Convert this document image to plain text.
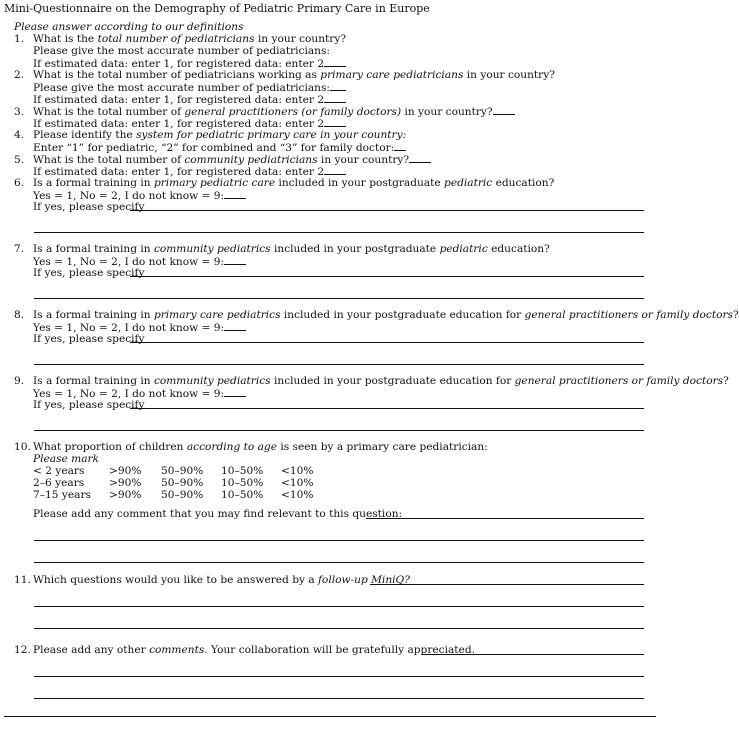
Mini-Questionnaire on the Demography of Pediatric Primary Care in Europe
Please answer according to our definitions
1. What is the total number of pediatricians in your country?
Please give the most accurate number of pediatricians:
If estimated data: enter 1, for registered data: enter 2
2. What is the total number of pediatricians working as primary care pediatricians in your country?
Please give the most accurate number of pediatricians:
If estimated data: enter 1, for registered data: enter 2
3. What is the total number of general practitioners (or family doctors) in your country?
If estimated data: enter 1, for registered data: enter 2
4. Please identify the system for pediatric primary care in your country:
Enter “1” for pediatric, “2” for combined and “3” for family doctor:
5. What is the total number of community pediatricians in your country?
If estimated data: enter 1, for registered data: enter 2
6. Is a formal training in primary pediatric care included in your postgraduate pediatric education?
Yes = 1, No = 2, I do not know = 9:
If yes, please specify
7. Is a formal training in community pediatrics included in your postgraduate pediatric education?
Yes = 1, No = 2, I do not know = 9:
If yes, please specify
8. Is a formal training in primary care pediatrics included in your postgraduate education for general practitioners or family doctors?
Yes = 1, No = 2, I do not know = 9:
If yes, please specify
9. Is a formal training in community pediatrics included in your postgraduate education for general practitioners or family doctors?
Yes = 1, No = 2, I do not know = 9:
If yes, please specify
10. What proportion of children according to age is seen by a primary care pediatrician:
Please mark
< 2 years	>90%	50–90%	10–50%	<10%
2–6 years	>90%	50–90%	10–50%	<10%
7–15 years	>90%	50–90%	10–50%	<10%
Please add any comment that you may find relevant to this question:
11. Which questions would you like to be answered by a follow-up MiniQ?
12. Please add any other comments. Your collaboration will be gratefully appreciated.
